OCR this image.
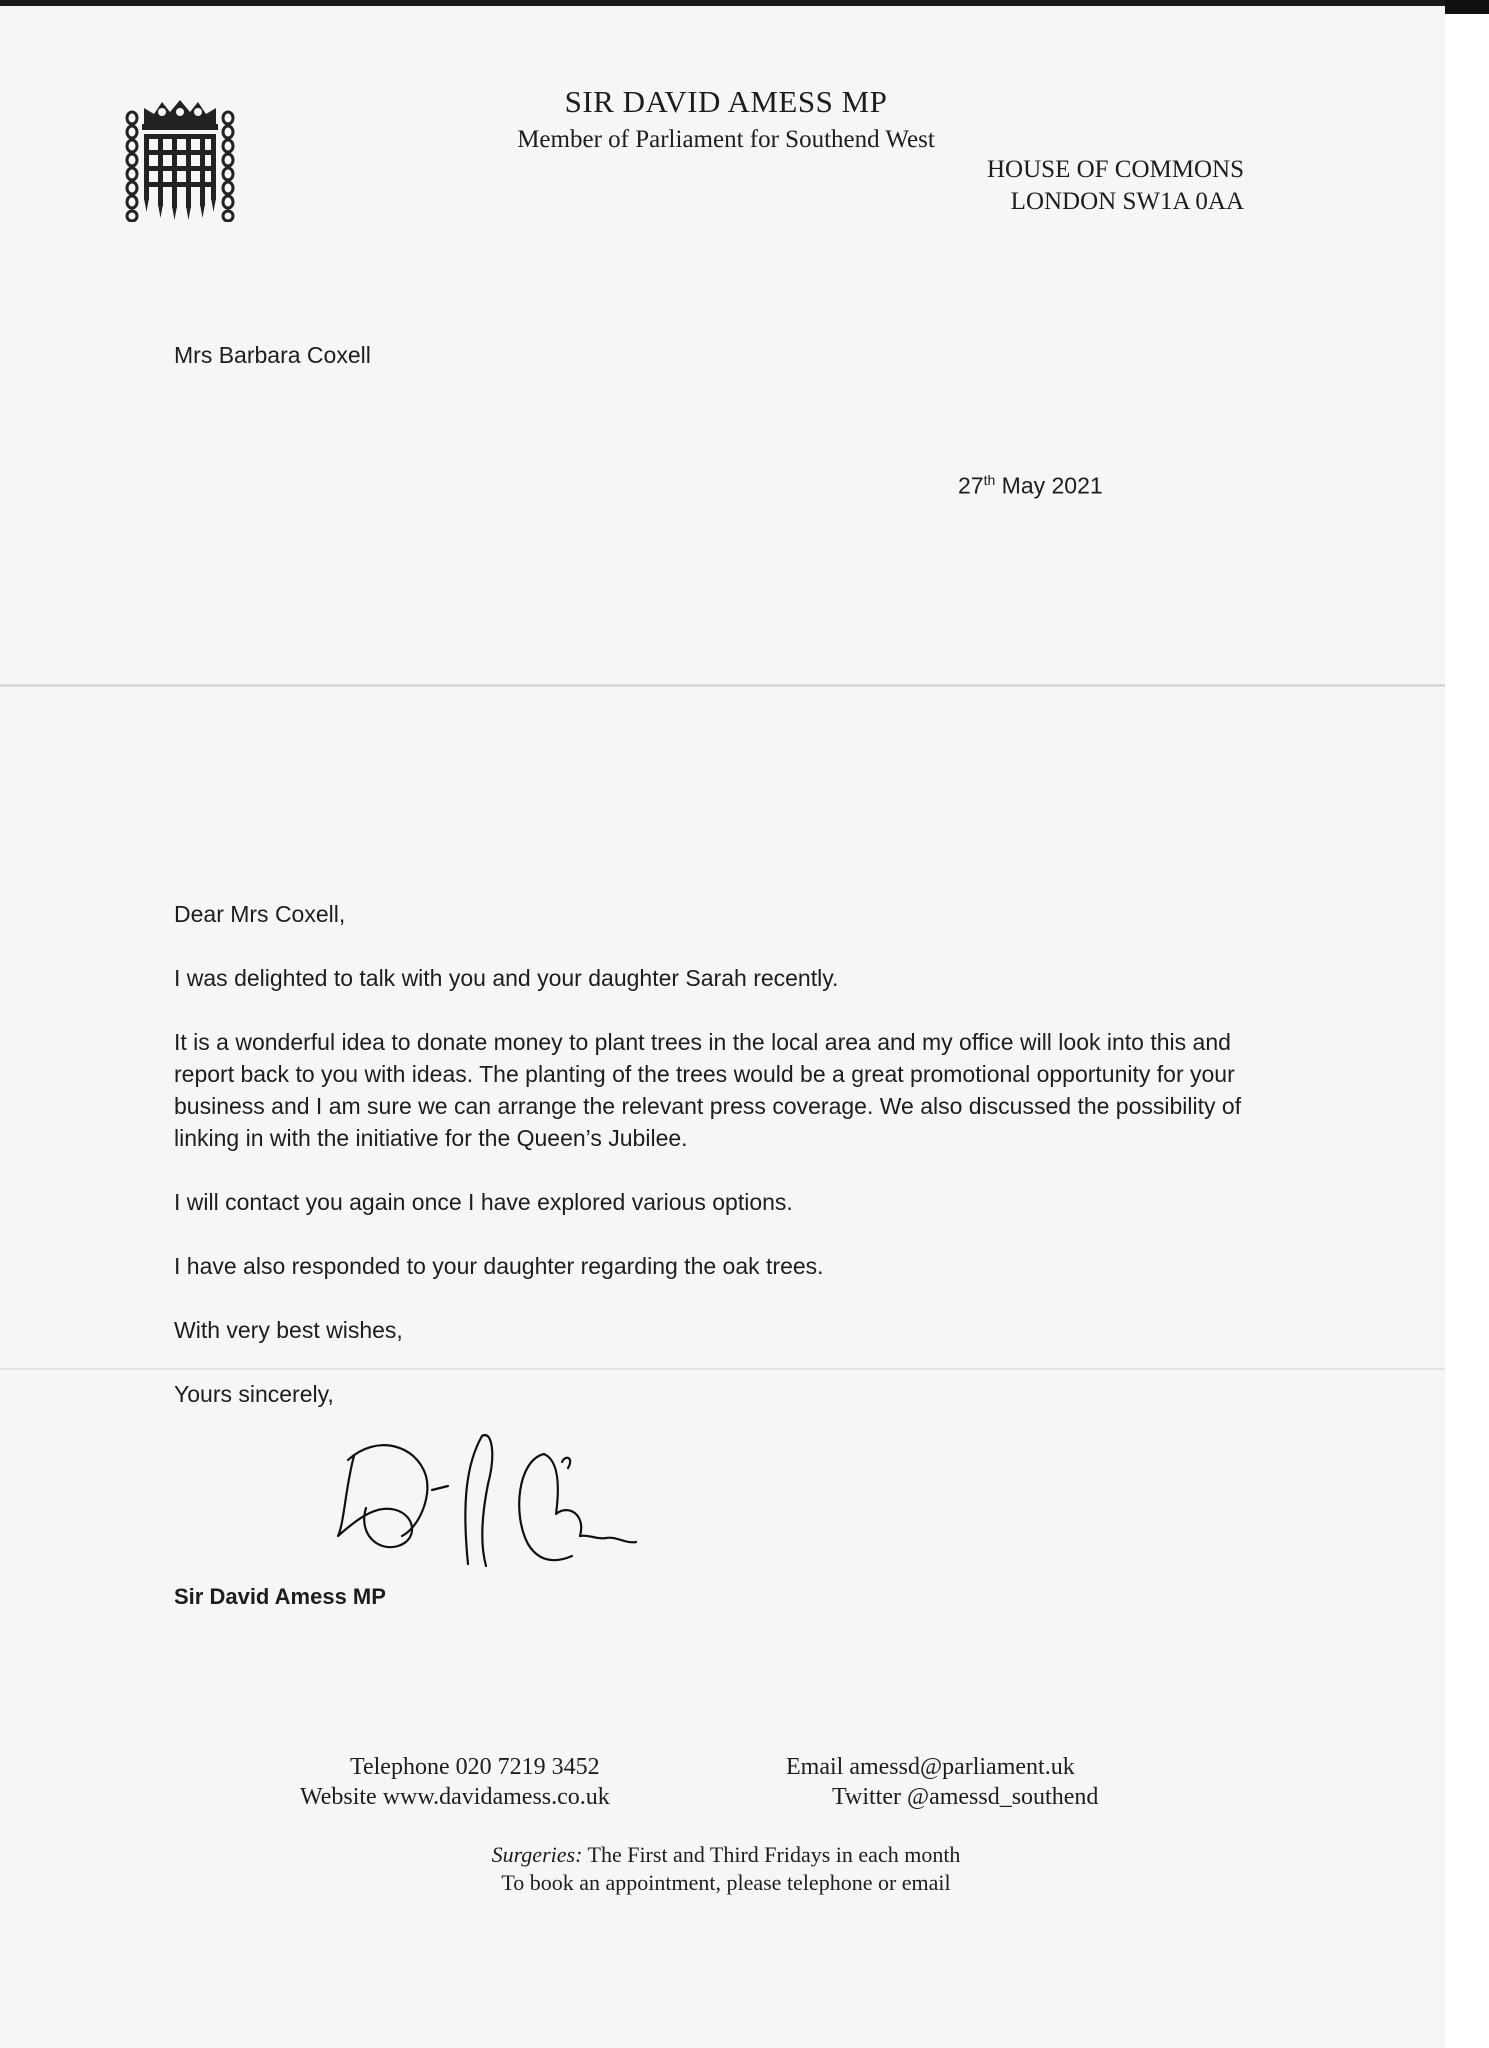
SIR DAVID AMESS MP
Member of Parliament for Southend West
HOUSE OF COMMONS
LONDON SW1A 0AA
Mrs Barbara Coxell
27th May 2021

Dear Mrs Coxell,

I was delighted to talk with you and your daughter Sarah recently.

It is a wonderful idea to donate money to plant trees in the local area and my office will look into this and report back to you with ideas. The planting of the trees would be a great promotional opportunity for your business and I am sure we can arrange the relevant press coverage. We also discussed the possibility of linking in with the initiative for the Queen’s Jubilee.

I will contact you again once I have explored various options.

I have also responded to your daughter regarding the oak trees.

With very best wishes,

Yours sincerely,

Sir David Amess MP
Telephone 020 7219 3452
Website www.davidamess.co.uk
Email amessd@parliament.uk
Twitter @amessd_southend
Surgeries: The First and Third Fridays in each month
To book an appointment, please telephone or email
